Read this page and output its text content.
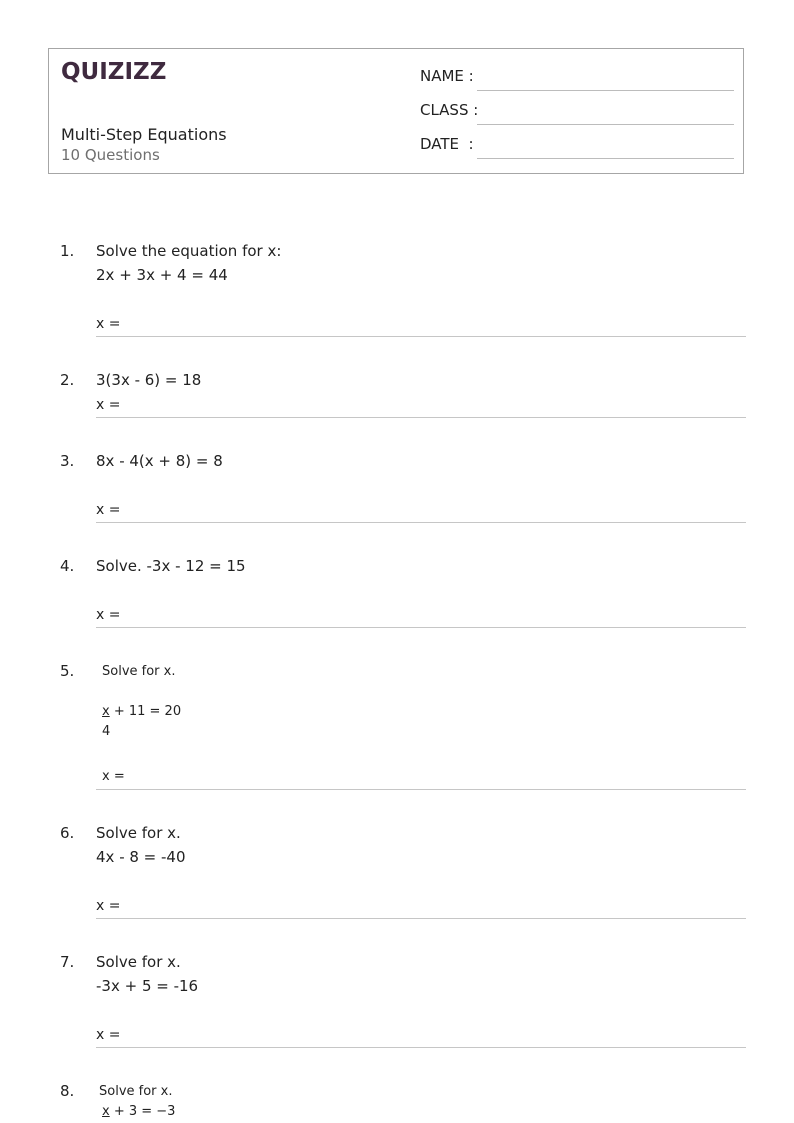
QUIZIZZ
Multi-Step Equations
10 Questions
NAME :
CLASS :
DATE  :
1. Solve the equation for x:
2x + 3x + 4 = 44
x =
2. 3(3x - 6) = 18
x =
3. 8x - 4(x + 8) = 8
x =
4. Solve. -3x - 12 = 15
x =
5. Solve for x.
x + 11 = 20
4
x =
6. Solve for x.
4x - 8 = -40
x =
7. Solve for x.
-3x + 5 = -16
x =
8. Solve for x.
x + 3 = −3
